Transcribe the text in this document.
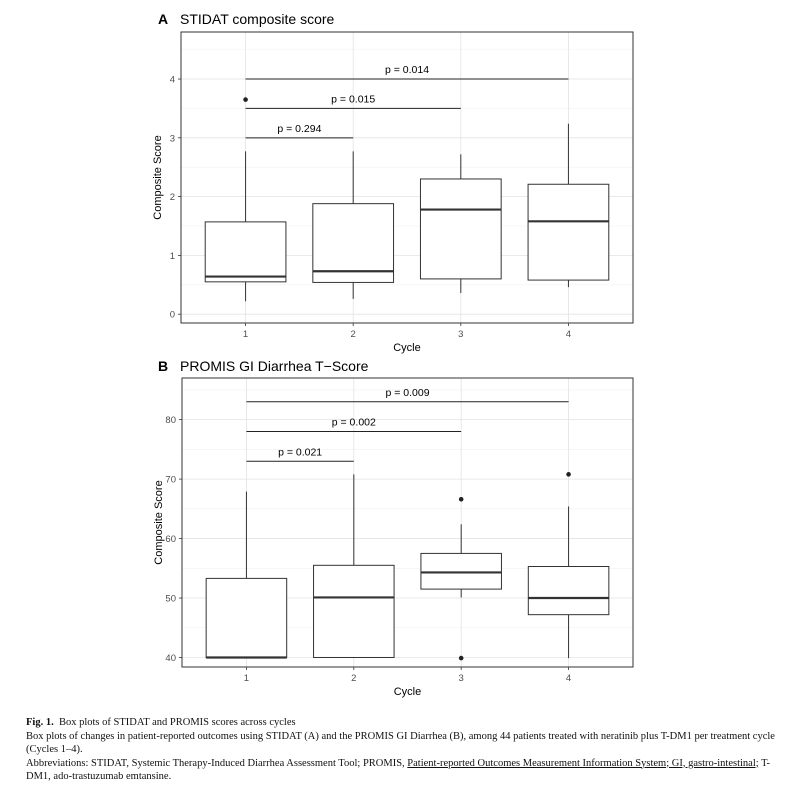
A STIDAT composite score
0
1
2
3
4
1	2	3	4
Cycle
Composite Score
p = 0.294
p = 0.015
p = 0.014
B PROMIS GI Diarrhea T−Score
40
50
60
70
80
1	2	3	4
Cycle
Composite Score
p = 0.021
p = 0.002
p = 0.009

Fig. 1. Box plots of STIDAT and PROMIS scores across cycles

Box plots of changes in patient-reported outcomes using STIDAT (A) and the PROMIS GI Diarrhea (B), among 44 patients treated with neratinib plus T-DM1 per treatment cycle (Cycles 1–4).

Abbreviations: STIDAT, Systemic Therapy-Induced Diarrhea Assessment Tool; PROMIS, Patient-reported Outcomes Measurement Information System; GI, gastro-intestinal; T-DM1, ado-trastuzumab emtansine.
